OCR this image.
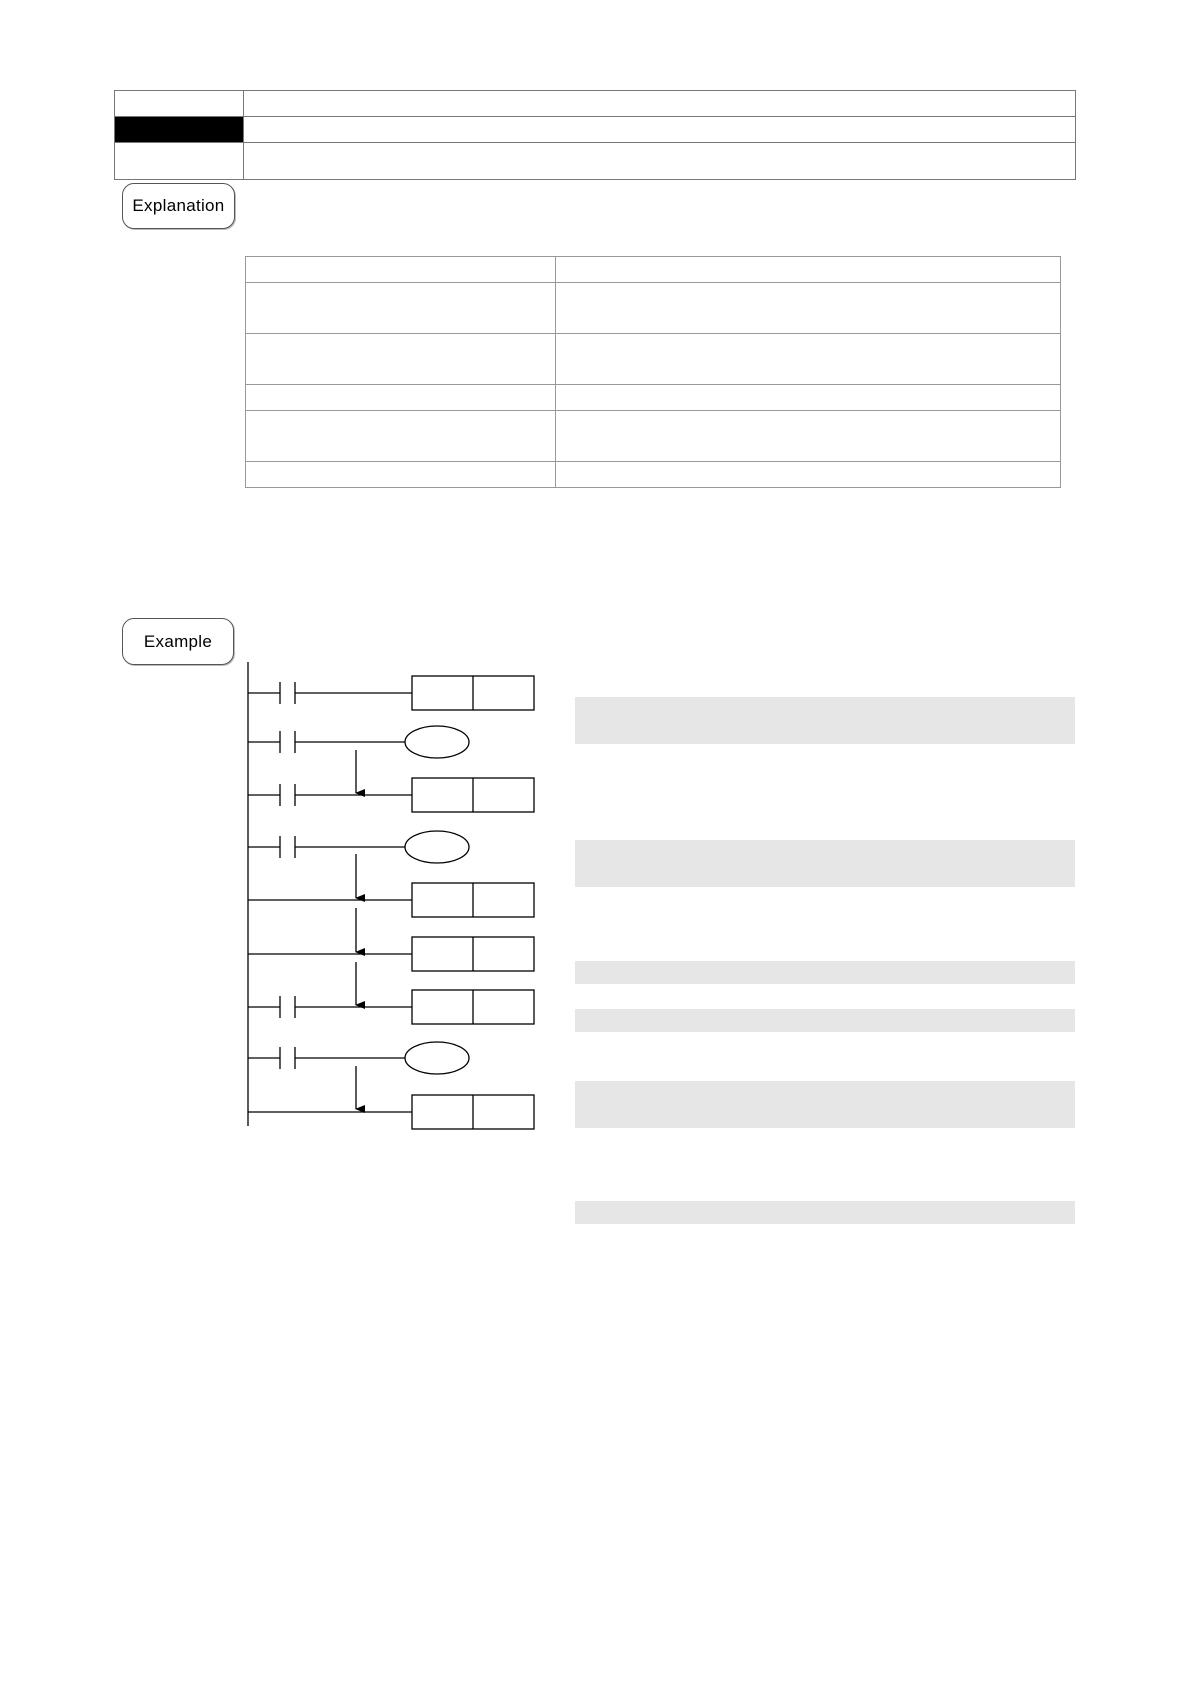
Explanation

Example
